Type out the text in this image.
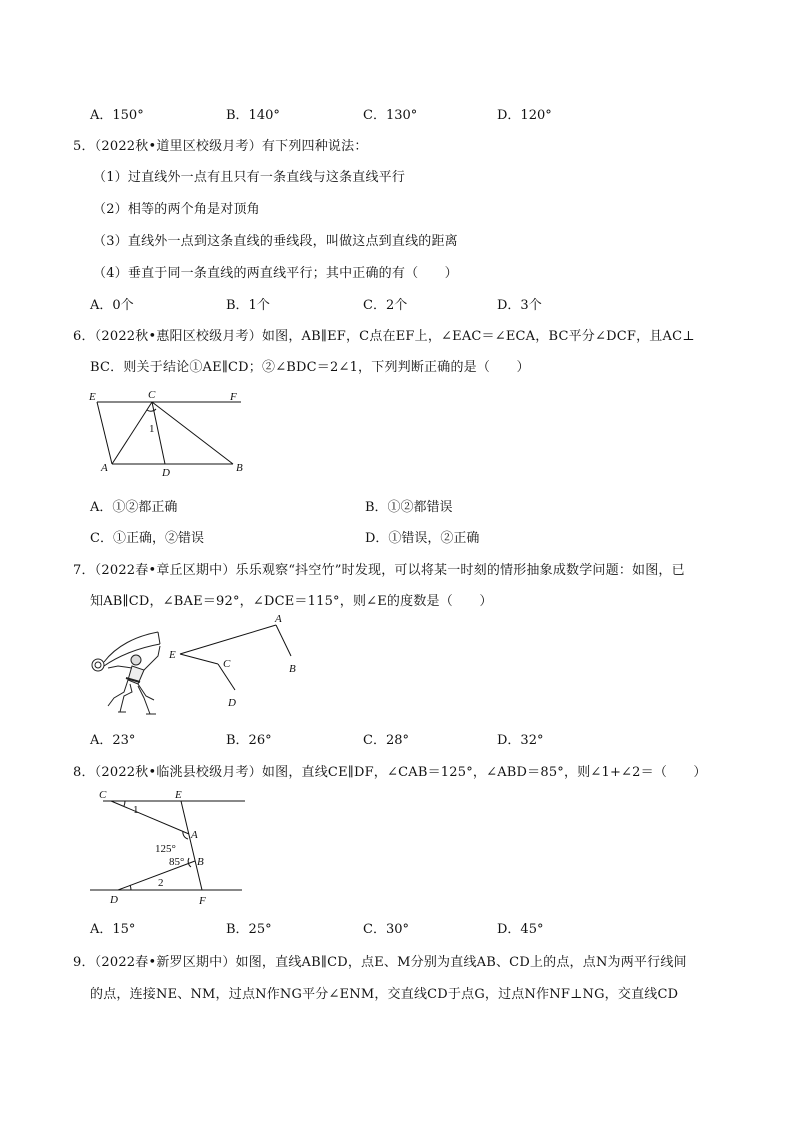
A．150°	B．140°	C．130°	D．120°
5．（2022秋•道里区校级月考）有下列四种说法：
（1）过直线外一点有且只有一条直线与这条直线平行
（2）相等的两个角是对顶角
（3）直线外一点到这条直线的垂线段，叫做这点到直线的距离
（4）垂直于同一条直线的两直线平行；其中正确的有（　　）
A．0个	B．1个	C．2个	D．3个
6．（2022秋•惠阳区校级月考）如图，AB∥EF，C点在EF上，∠EAC＝∠ECA，BC平分∠DCF，且AC⊥
BC．则关于结论①AE∥CD；②∠BDC＝2∠1，下列判断正确的是（　　）
E	C	F
A	D	B
1
A．①②都正确	B．①②都错误
C．①正确，②错误	D．①错误，②正确
7．（2022春•章丘区期中）乐乐观察“抖空竹”时发现，可以将某一时刻的情形抽象成数学问题：如图，已
知AB∥CD，∠BAE＝92°，∠DCE＝115°，则∠E的度数是（　　）
A
B
C
D
E
A．23°	B．26°	C．28°	D．32°
8．（2022秋•临洮县校级月考）如图，直线CE∥DF，∠CAB＝125°，∠ABD＝85°，则∠1+∠2＝（　　）
C	E
A
B
D	F
1
125°
85°
2
A．15°	B．25°	C．30°	D．45°
9．（2022春•新罗区期中）如图，直线AB∥CD，点E、M分别为直线AB、CD上的点，点N为两平行线间
的点，连接NE、NM，过点N作NG平分∠ENM，交直线CD于点G，过点N作NF⊥NG，交直线CD
